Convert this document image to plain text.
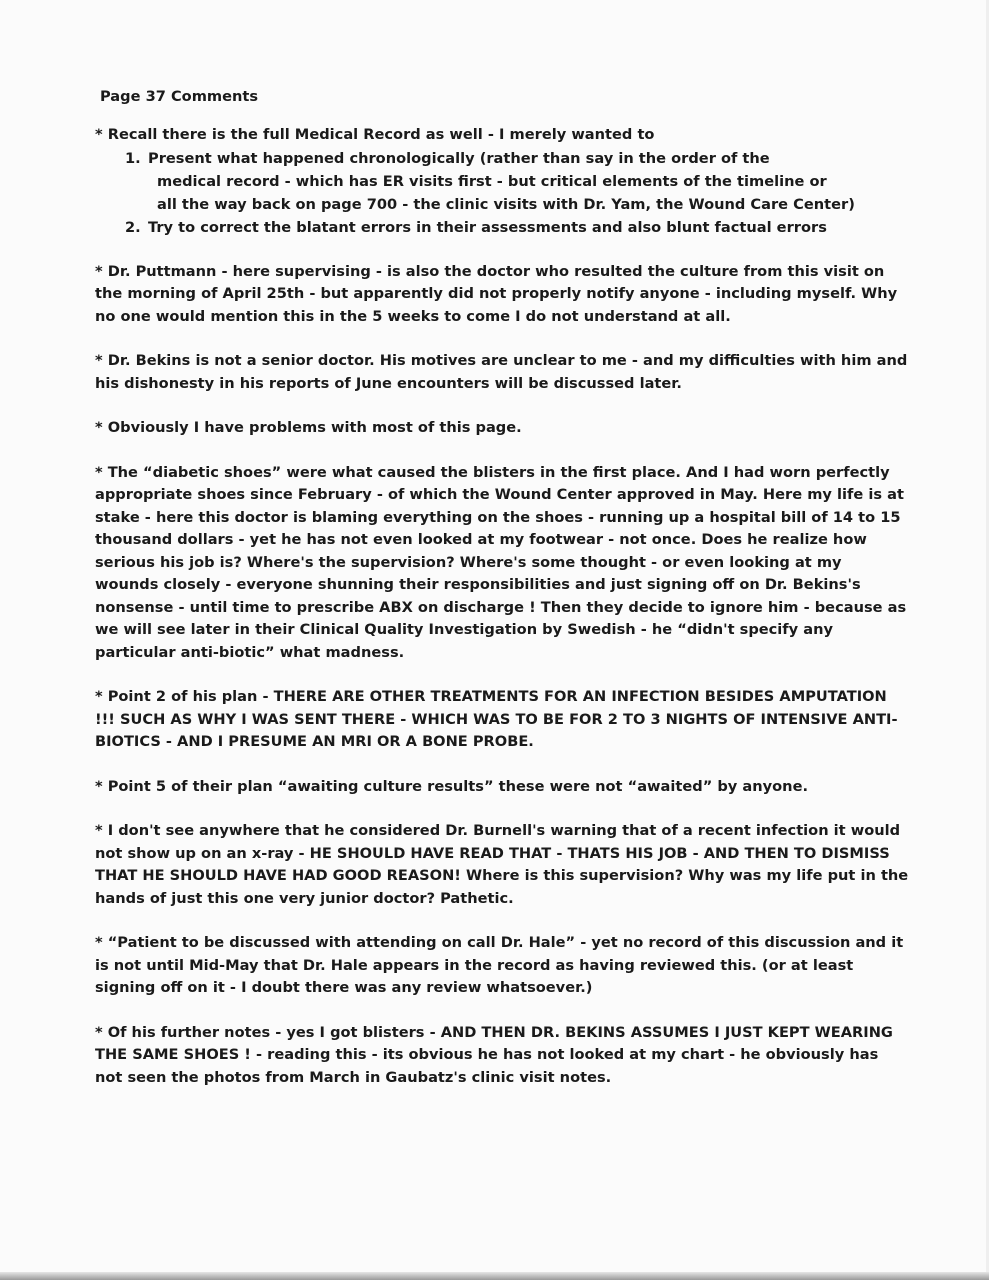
Page 37 Comments

* Recall there is the full Medical Record as well - I merely wanted to

1. Present what happened chronologically (rather than say in the order of the
medical record - which has ER visits first - but critical elements of the timeline or
all the way back on page 700 - the clinic visits with Dr. Yam, the Wound Care Center)
2. Try to correct the blatant errors in their assessments and also blunt factual errors

* Dr. Puttmann - here supervising - is also the doctor who resulted the culture from this visit on the morning of April 25th - but apparently did not properly notify anyone - including myself. Why no one would mention this in the 5 weeks to come I do not understand at all.

* Dr. Bekins is not a senior doctor. His motives are unclear to me - and my difficulties with him and his dishonesty in his reports of June encounters will be discussed later.

* Obviously I have problems with most of this page.

* The “diabetic shoes” were what caused the blisters in the first place. And I had worn perfectly appropriate shoes since February - of which the Wound Center approved in May. Here my life is at stake - here this doctor is blaming everything on the shoes - running up a hospital bill of 14 to 15 thousand dollars - yet he has not even looked at my footwear - not once. Does he realize how serious his job is? Where's the supervision? Where's some thought - or even looking at my wounds closely - everyone shunning their responsibilities and just signing off on Dr. Bekins's nonsense - until time to prescribe ABX on discharge ! Then they decide to ignore him - because as we will see later in their Clinical Quality Investigation by Swedish - he “didn't specify any particular anti-biotic” what madness.

* Point 2 of his plan - THERE ARE OTHER TREATMENTS FOR AN INFECTION BESIDES AMPUTATION !!! SUCH AS WHY I WAS SENT THERE - WHICH WAS TO BE FOR 2 TO 3 NIGHTS OF INTENSIVE ANTI-BIOTICS - AND I PRESUME AN MRI OR A BONE PROBE.

* Point 5 of their plan “awaiting culture results” these were not “awaited” by anyone.

* I don't see anywhere that he considered Dr. Burnell's warning that of a recent infection it would not show up on an x-ray - HE SHOULD HAVE READ THAT - THATS HIS JOB - AND THEN TO DISMISS THAT HE SHOULD HAVE HAD GOOD REASON! Where is this supervision? Why was my life put in the hands of just this one very junior doctor? Pathetic.

* “Patient to be discussed with attending on call Dr. Hale” - yet no record of this discussion and it is not until Mid-May that Dr. Hale appears in the record as having reviewed this. (or at least signing off on it - I doubt there was any review whatsoever.)

* Of his further notes - yes I got blisters - AND THEN DR. BEKINS ASSUMES I JUST KEPT WEARING THE SAME SHOES ! - reading this - its obvious he has not looked at my chart - he obviously has not seen the photos from March in Gaubatz's clinic visit notes.
